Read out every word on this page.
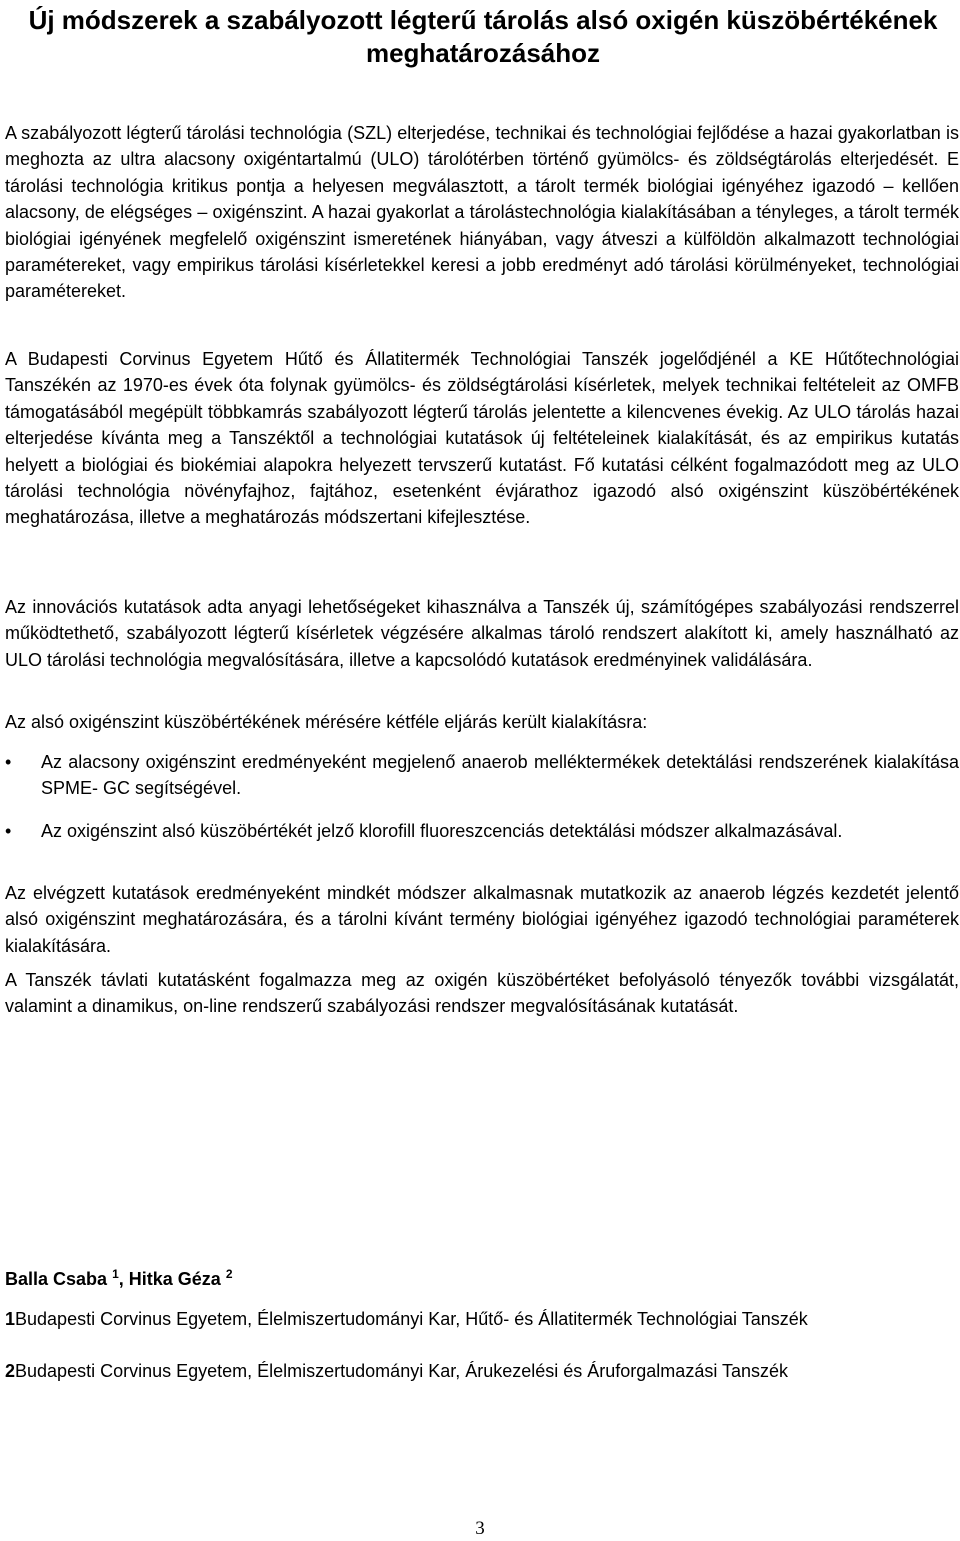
Új módszerek a szabályozott légterű tárolás alsó oxigén küszöbértékének meghatározásához

A szabályozott légterű tárolási technológia (SZL) elterjedése, technikai és technológiai fejlődése a hazai gyakorlatban is meghozta az ultra alacsony oxigéntartalmú (ULO) tárolótérben történő gyümölcs- és zöldségtárolás elterjedését. E tárolási technológia kritikus pontja a helyesen megválasztott, a tárolt termék biológiai igényéhez igazodó – kellően alacsony, de elégséges – oxigénszint. A hazai gyakorlat a tárolástechnológia kialakításában a tényleges, a tárolt termék biológiai igényének megfelelő oxigénszint ismeretének hiányában, vagy átveszi a külföldön alkalmazott technológiai paramétereket, vagy empirikus tárolási kísérletekkel keresi a jobb eredményt adó tárolási körülményeket, technológiai paramétereket.

A Budapesti Corvinus Egyetem Hűtő és Állatitermék Technológiai Tanszék jogelődjénél a KE Hűtőtechnológiai Tanszékén az 1970-es évek óta folynak gyümölcs- és zöldségtárolási kísérletek, melyek technikai feltételeit az OMFB támogatásából megépült többkamrás szabályozott légterű tárolás jelentette a kilencvenes évekig. Az ULO tárolás hazai elterjedése kívánta meg a Tanszéktől a technológiai kutatások új feltételeinek kialakítását, és az empirikus kutatás helyett a biológiai és biokémiai alapokra helyezett tervszerű kutatást. Fő kutatási célként fogalmazódott meg az ULO tárolási technológia növényfajhoz, fajtához, esetenként évjárathoz igazodó alsó oxigénszint küszöbértékének meghatározása, illetve a meghatározás módszertani kifejlesztése.

Az innovációs kutatások adta anyagi lehetőségeket kihasználva a Tanszék új, számítógépes szabályozási rendszerrel működtethető, szabályozott légterű kísérletek végzésére alkalmas tároló rendszert alakított ki, amely használható az ULO tárolási technológia megvalósítására, illetve a kapcsolódó kutatások eredményinek validálására.

Az alsó oxigénszint küszöbértékének mérésére kétféle eljárás került kialakításra:

• Az alacsony oxigénszint eredményeként megjelenő anaerob melléktermékek detektálási rendszerének kialakítása SPME- GC segítségével.
• Az oxigénszint alsó küszöbértékét jelző klorofill fluoreszcenciás detektálási módszer alkalmazásával.

Az elvégzett kutatások eredményeként mindkét módszer alkalmasnak mutatkozik az anaerob légzés kezdetét jelentő alsó oxigénszint meghatározására, és a tárolni kívánt termény biológiai igényéhez igazodó technológiai paraméterek kialakítására.

A Tanszék távlati kutatásként fogalmazza meg az oxigén küszöbértéket befolyásoló tényezők további vizsgálatát, valamint a dinamikus, on-line rendszerű szabályozási rendszer megvalósításának kutatását.

Balla Csaba $^1$, Hitka Géza $^2$
1Budapesti Corvinus Egyetem, Élelmiszertudományi Kar, Hűtő- és Állatitermék Technológiai Tanszék
2Budapesti Corvinus Egyetem, Élelmiszertudományi Kar, Árukezelési és Áruforgalmazási Tanszék
3
